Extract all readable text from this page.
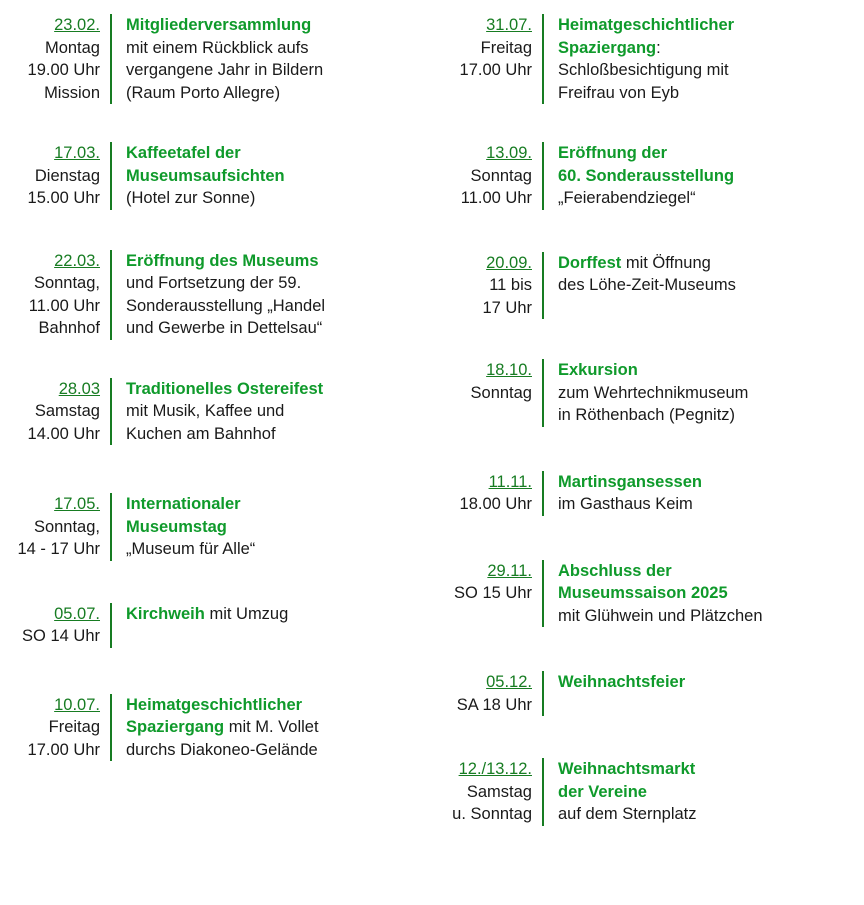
23.02.
Montag
19.00 Uhr
Mission
Mitgliederversammlung
mit einem Rückblick aufs
vergangene Jahr in Bildern
(Raum Porto Allegre)
17.03.
Dienstag
15.00 Uhr
Kaffeetafel der
Museumsaufsichten
(Hotel zur Sonne)
22.03.
Sonntag,
11.00 Uhr
Bahnhof
Eröffnung des Museums
und Fortsetzung der 59.
Sonderausstellung „Handel
und Gewerbe in Dettelsau“
28.03
Samstag
14.00 Uhr
Traditionelles Ostereifest
mit Musik, Kaffee und
Kuchen am Bahnhof
17.05.
Sonntag,
14 - 17 Uhr
Internationaler
Museumstag
„Museum für Alle“
05.07.
SO 14 Uhr
Kirchweih mit Umzug
10.07.
Freitag
17.00 Uhr
Heimatgeschichtlicher
Spaziergang mit M. Vollet
durchs Diakoneo-Gelände
31.07.
Freitag
17.00 Uhr
Heimatgeschichtlicher
Spaziergang:
Schloßbesichtigung mit
Freifrau von Eyb
13.09.
Sonntag
11.00 Uhr
Eröffnung der
60. Sonderausstellung
„Feierabendziegel“
20.09.
11 bis
17 Uhr
Dorffest mit Öffnung
des Löhe-Zeit-Museums
18.10.
Sonntag
Exkursion
zum Wehrtechnikmuseum
in Röthenbach (Pegnitz)
11.11.
18.00 Uhr
Martinsgansessen
im Gasthaus Keim
29.11.
SO 15 Uhr
Abschluss der
Museumssaison 2025
mit Glühwein und Plätzchen
05.12.
SA 18 Uhr
Weihnachtsfeier
12./13.12.
Samstag
u. Sonntag
Weihnachtsmarkt
der Vereine
auf dem Sternplatz
